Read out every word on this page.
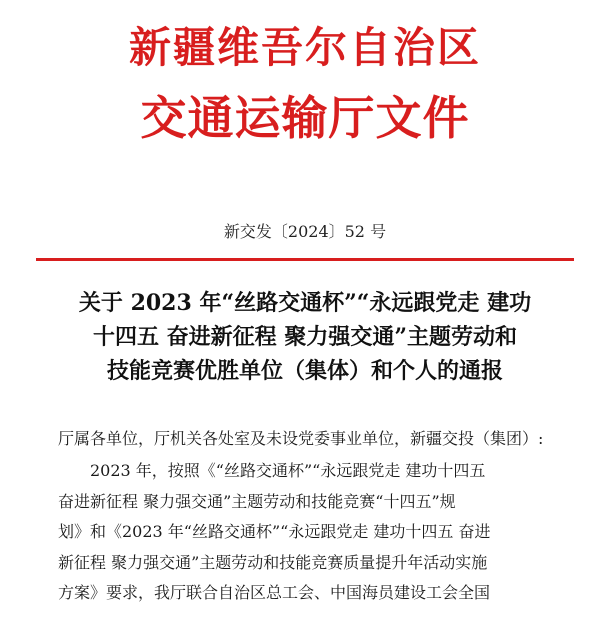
新疆维吾尔自治区
交通运输厅文件
新交发〔2024〕52 号
关于 2023 年“丝路交通杯”“永远跟党走 建功
十四五 奋进新征程 聚力强交通”主题劳动和
技能竞赛优胜单位（集体）和个人的通报
厅属各单位，厅机关各处室及未设党委事业单位，新疆交投（集团）:
2023 年，按照《“丝路交通杯”“永远跟党走 建功十四五
奋进新征程 聚力强交通”主题劳动和技能竞赛“十四五”规
划》和《2023 年“丝路交通杯”“永远跟党走 建功十四五 奋进
新征程 聚力强交通”主题劳动和技能竞赛质量提升年活动实施
方案》要求，我厅联合自治区总工会、中国海员建设工会全国
